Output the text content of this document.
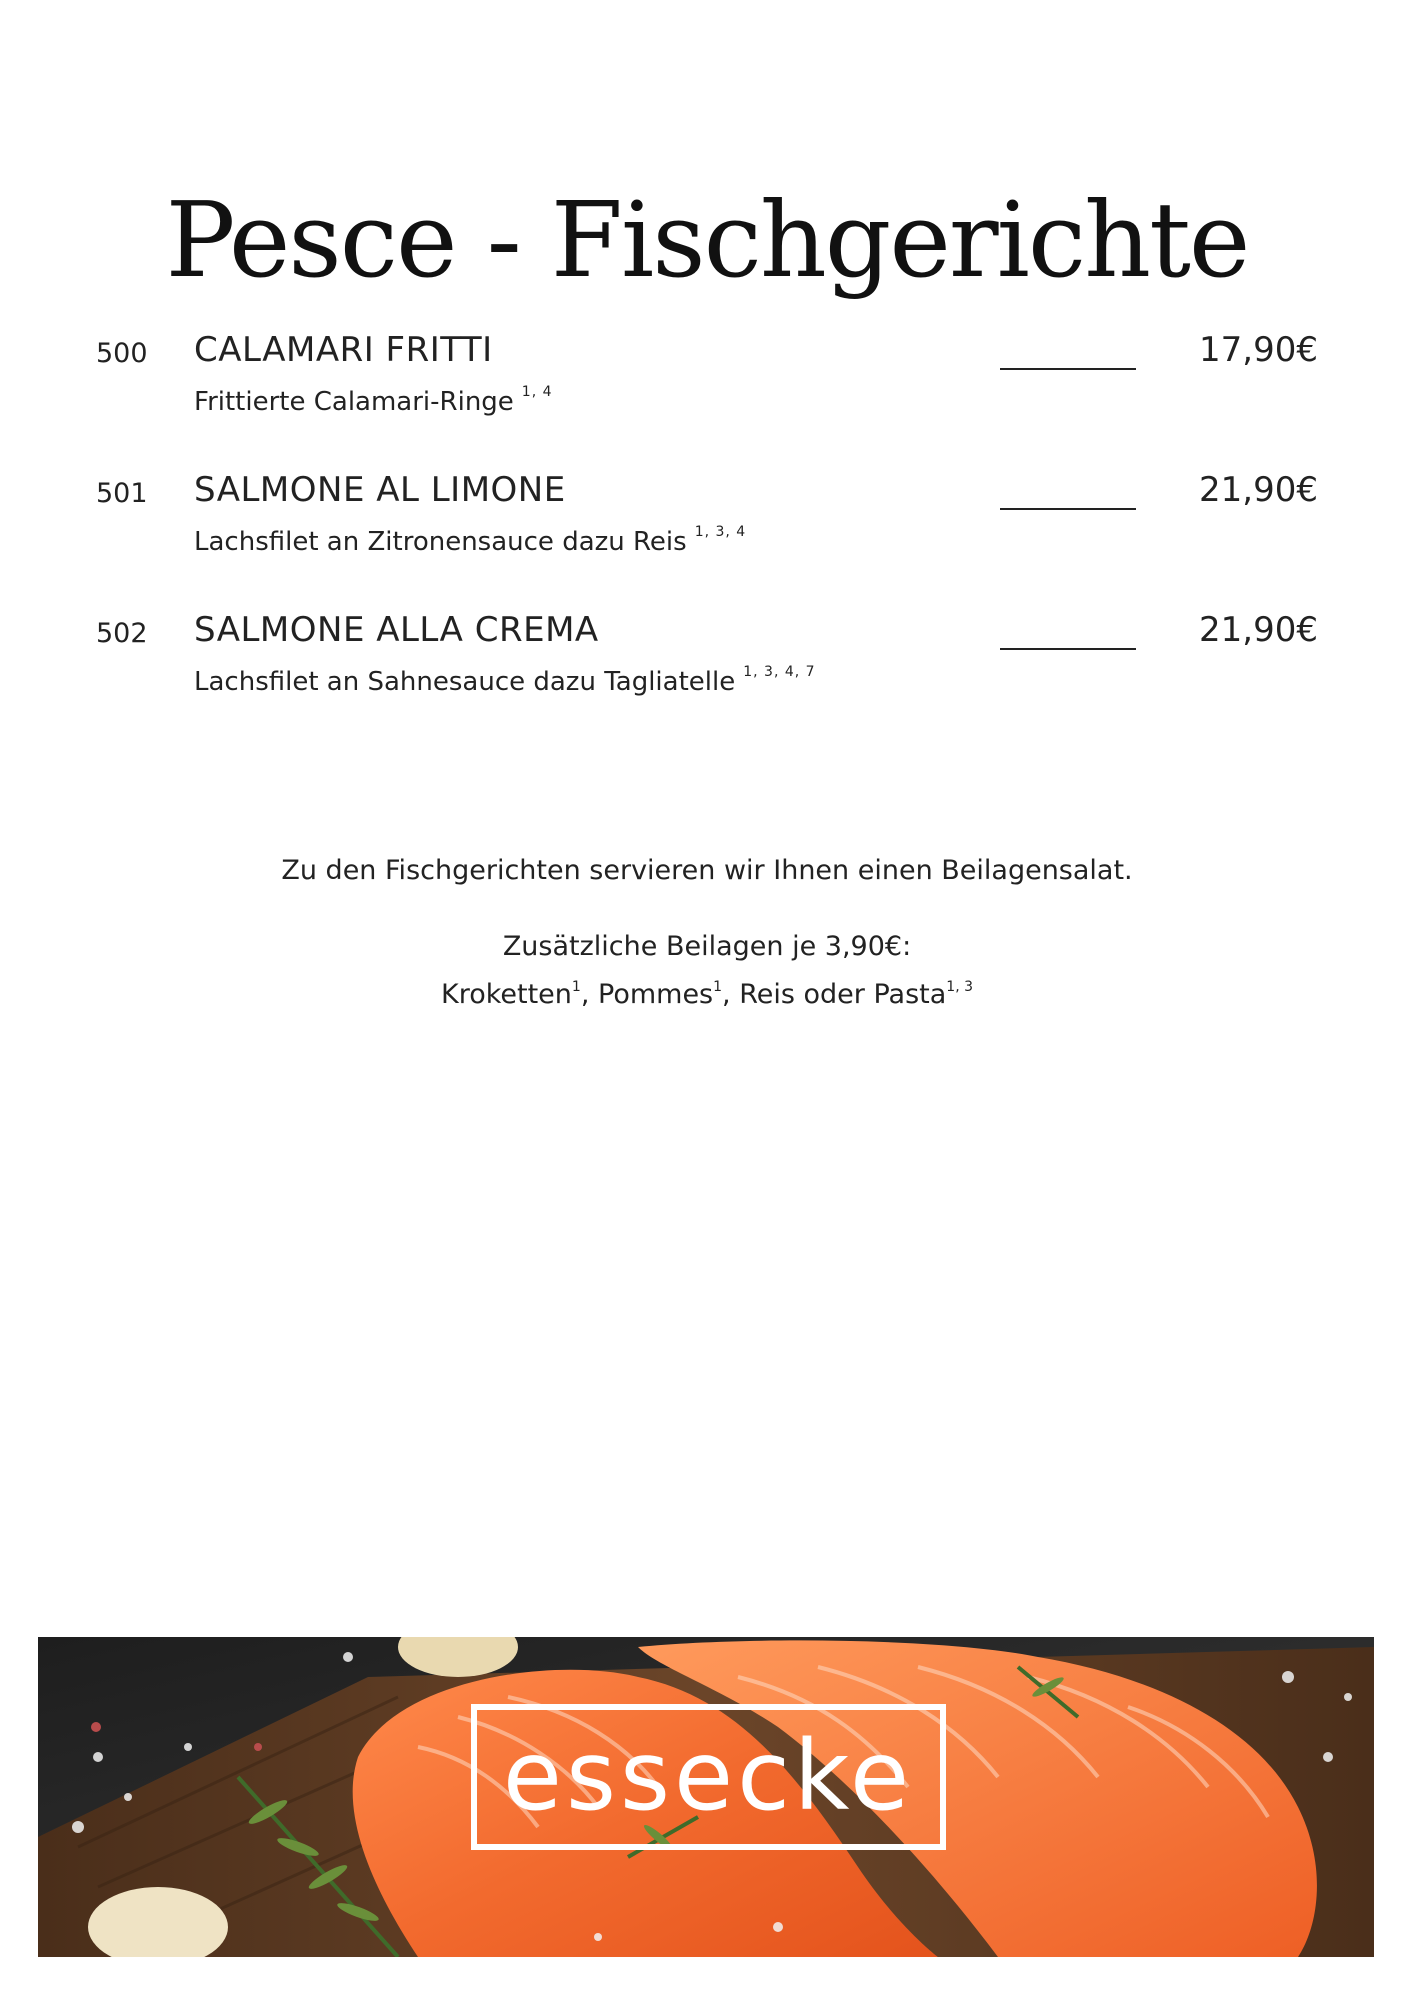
Pesce - Fischgerichte
500 CALAMARI FRITTI
Frittierte Calamari-Ringe $^{1, 4}$
17,90€
501 SALMONE AL LIMONE
Lachsfilet an Zitronensauce dazu Reis $^{1, 3, 4}$
21,90€
502 SALMONE ALLA CREMA
Lachsfilet an Sahnesauce dazu Tagliatelle $^{1, 3, 4, 7}$
21,90€
Zu den Fischgerichten servieren wir Ihnen einen Beilagensalat.
Zusätzliche Beilagen je 3,90€:
Kroketten$^1$, Pommes$^1$, Reis oder Pasta$^{1, 3}$
essecke
